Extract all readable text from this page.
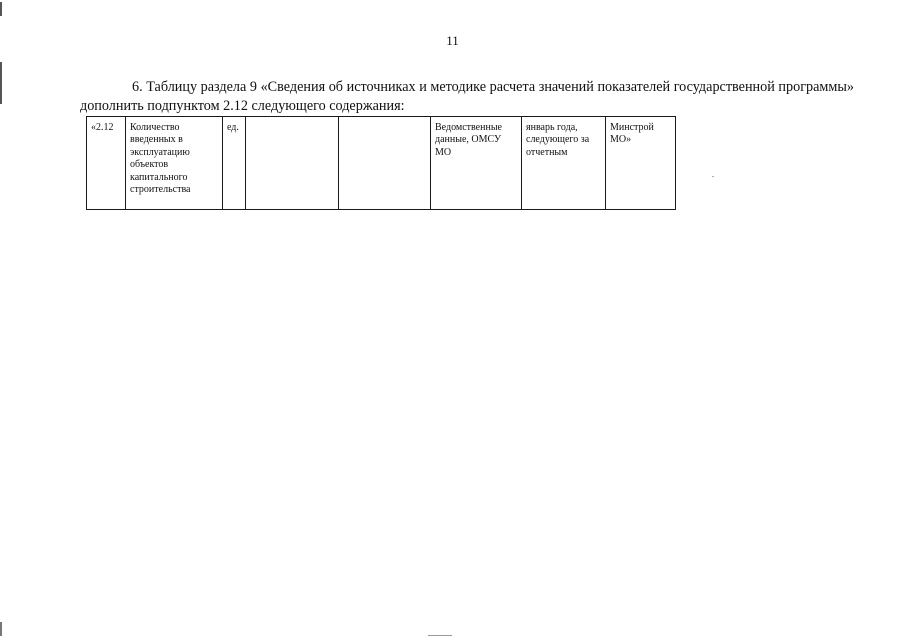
11

6. Таблицу раздела 9 «Сведения об источниках и методике расчета значений показателей государственной программы» дополнить подпунктом 2.12 следующего содержания:

«2.12	Количество введенных в эксплуатацию объектов капитального строительства	ед.			Ведомственные данные, ОМСУ МО	январь года, следующего за отчетным	Минстрой МО»
